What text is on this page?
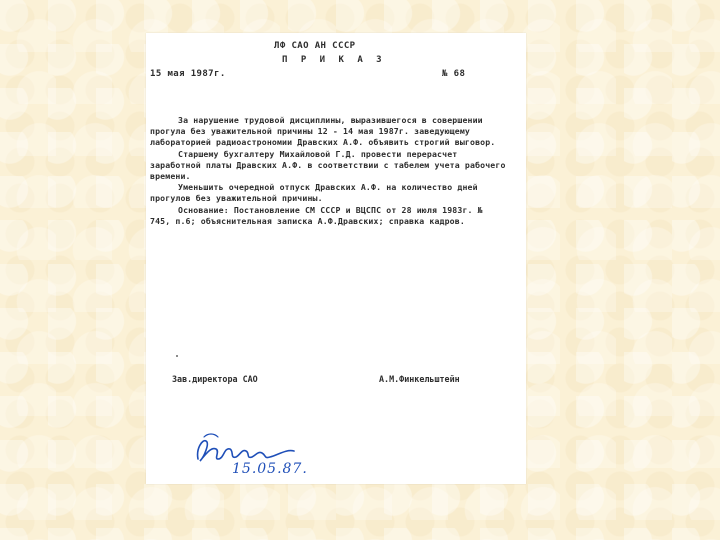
ЛФ САО АН СССР
П Р И К А З
15 мая 1987г.	№ 68

За нарушение трудовой дисциплины, выразившегося в совершении прогула без уважительной причины 12 - 14 мая 1987г. заведующему лабораторией радиоастрономии Дравских А.Ф. объявить строгий выговор.

Старшему бухгалтеру Михайловой Г.Д. провести перерасчет заработной платы Дравских А.Ф. в соответствии с табелем учета рабочего времени.

Уменьшить очередной отпуск Дравских А.Ф. на количество дней прогулов без уважительной причины.

Основание: Постановление СМ СССР и ВЦСПС от 28 июля 1983г. № 745, п.6; объяснительная записка А.Ф.Дравских; справка кадров.

Зав.директора САО	А.М.Финкельштейн
15.05.87.
